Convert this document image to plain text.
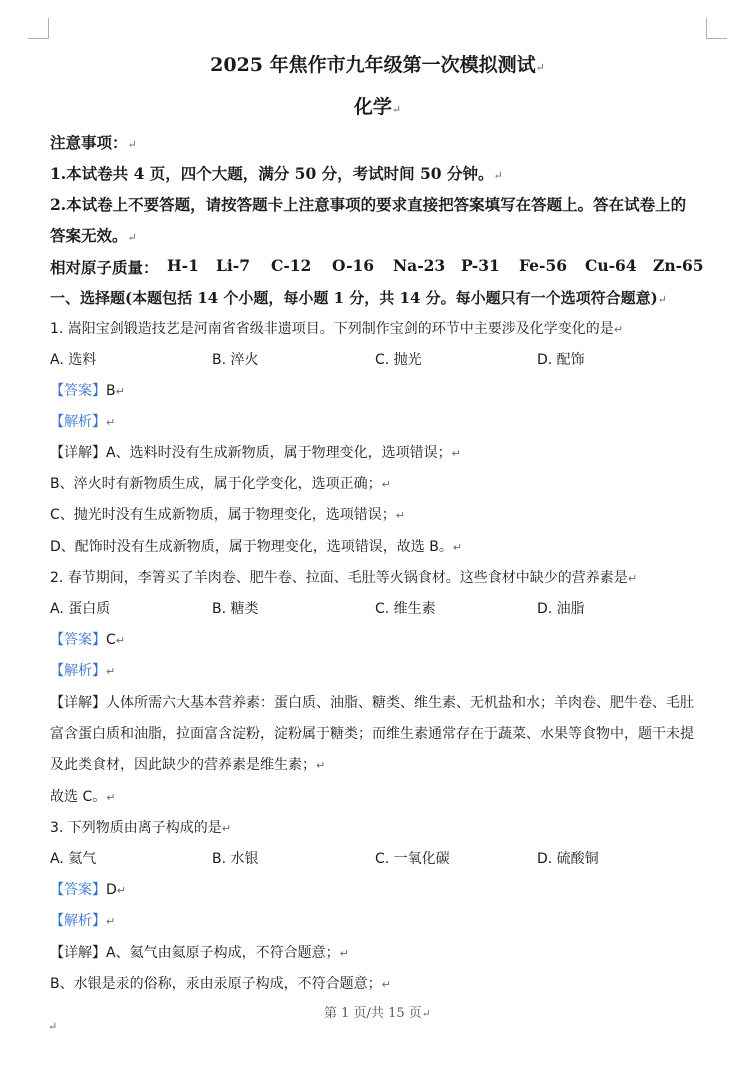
2025 年焦作市九年级第一次模拟测试↵
化学↵
注意事项：↵
1.本试卷共 4 页，四个大题，满分 50 分，考试时间 50 分钟。↵
2.本试卷上不要答题，请按答题卡上注意事项的要求直接把答案填写在答题上。答在试卷上的
答案无效。↵
相对原子质量： H-1 Li-7 C-12 O-16 Na-23 P-31 Fe-56 Cu-64 Zn-65
一、选择题(本题包括 14 个小题，每小题 1 分，共 14 分。每小题只有一个选项符合题意)↵
1. 嵩阳宝剑锻造技艺是河南省省级非遗项目。下列制作宝剑的环节中主要涉及化学变化的是↵
A. 选料	B. 淬火	C. 抛光	D. 配饰
【答案】B↵
【解析】↵
【详解】A、选料时没有生成新物质，属于物理变化，选项错误；↵
B、淬火时有新物质生成，属于化学变化，选项正确；↵
C、抛光时没有生成新物质，属于物理变化，选项错误；↵
D、配饰时没有生成新物质，属于物理变化，选项错误，故选 B。↵
2. 春节期间，李箐买了羊肉卷、肥牛卷、拉面、毛肚等火锅食材。这些食材中缺少的营养素是↵
A. 蛋白质	B. 糖类	C. 维生素	D. 油脂
【答案】C↵
【解析】↵
【详解】人体所需六大基本营养素：蛋白质、油脂、糖类、维生素、无机盐和水；羊肉卷、肥牛卷、毛肚
富含蛋白质和油脂，拉面富含淀粉，淀粉属于糖类；而维生素通常存在于蔬菜、水果等食物中，题干未提
及此类食材，因此缺少的营养素是维生素；↵
故选 C。↵
3. 下列物质由离子构成的是↵
A. 氦气	B. 水银	C. 一氧化碳	D. 硫酸铜
【答案】D↵
【解析】↵
【详解】A、氦气由氦原子构成，不符合题意；↵
B、水银是汞的俗称，汞由汞原子构成，不符合题意；↵
第 1 页/共 15 页↵
↵
